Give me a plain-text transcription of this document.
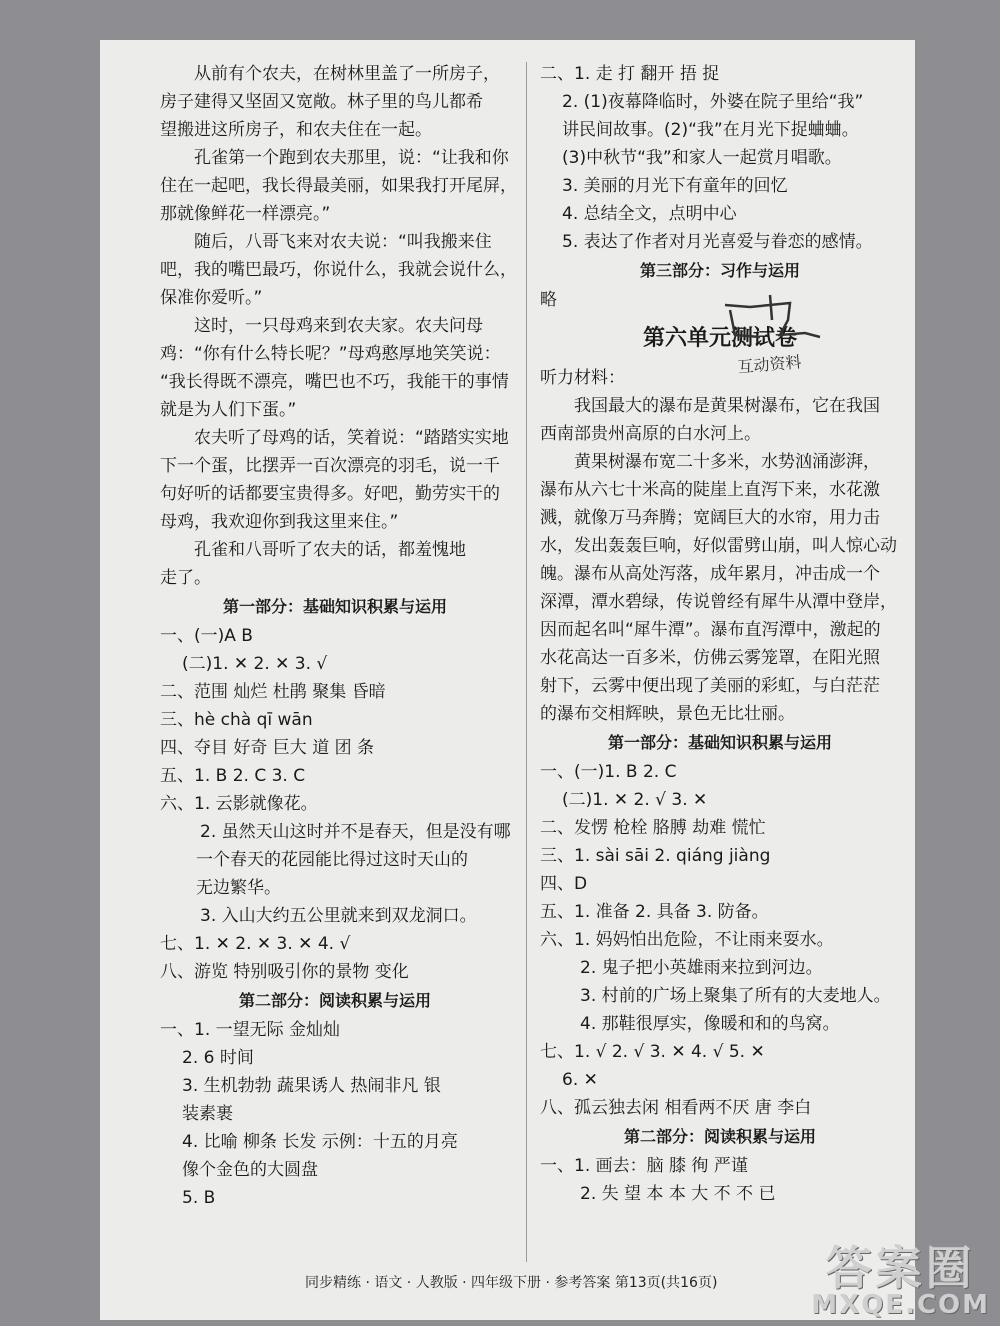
从前有个农夫，在树林里盖了一所房子，
房子建得又坚固又宽敞。林子里的鸟儿都希
望搬进这所房子，和农夫住在一起。
孔雀第一个跑到农夫那里，说：“让我和你
住在一起吧，我长得最美丽，如果我打开尾屏，
那就像鲜花一样漂亮。”
随后，八哥飞来对农夫说：“叫我搬来住
吧，我的嘴巴最巧，你说什么，我就会说什么，
保准你爱听。”
这时，一只母鸡来到农夫家。农夫问母
鸡：“你有什么特长呢？”母鸡憨厚地笑笑说：
“我长得既不漂亮，嘴巴也不巧，我能干的事情
就是为人们下蛋。”
农夫听了母鸡的话，笑着说：“踏踏实实地
下一个蛋，比摆弄一百次漂亮的羽毛，说一千
句好听的话都要宝贵得多。好吧，勤劳实干的
母鸡，我欢迎你到我这里来住。”
孔雀和八哥听了农夫的话，都羞愧地
走了。
第一部分：基础知识积累与运用
一、(一)A B
(二)1. ✕ 2. ✕ 3. √
二、范围 灿烂 杜鹃 聚集 昏暗
三、hè chà qī wān
四、夺目 好奇 巨大 道 团 条
五、1. B 2. C 3. C
六、1. 云影就像花。
2. 虽然天山这时并不是春天，但是没有哪
一个春天的花园能比得过这时天山的
无边繁华。
3. 入山大约五公里就来到双龙洞口。
七、1. ✕ 2. ✕ 3. ✕ 4. √
八、游览 特别吸引你的景物 变化
第二部分：阅读积累与运用
一、1. 一望无际 金灿灿
2. 6 时间
3. 生机勃勃 蔬果诱人 热闹非凡 银
装素裹
4. 比喻 柳条 长发 示例：十五的月亮
像个金色的大圆盘
5. B
二、1. 走 打 翻开 捂 捉
2. (1)夜幕降临时，外婆在院子里给“我”
讲民间故事。(2)“我”在月光下捉蛐蛐。
(3)中秋节“我”和家人一起赏月唱歌。
3. 美丽的月光下有童年的回忆
4. 总结全文，点明中心
5. 表达了作者对月光喜爱与眷恋的感情。
第三部分：习作与运用
略
第六单元测试卷
听力材料：
我国最大的瀑布是黄果树瀑布，它在我国
西南部贵州高原的白水河上。
黄果树瀑布宽二十多米，水势汹涌澎湃，
瀑布从六七十米高的陡崖上直泻下来，水花激
溅，就像万马奔腾；宽阔巨大的水帘，用力击
水，发出轰轰巨响，好似雷劈山崩，叫人惊心动
魄。瀑布从高处泻落，成年累月，冲击成一个
深潭，潭水碧绿，传说曾经有犀牛从潭中登岸，
因而起名叫“犀牛潭”。瀑布直泻潭中，激起的
水花高达一百多米，仿佛云雾笼罩，在阳光照
射下，云雾中便出现了美丽的彩虹，与白茫茫
的瀑布交相辉映，景色无比壮丽。
第一部分：基础知识积累与运用
一、(一)1. B 2. C
(二)1. ✕ 2. √ 3. ✕
二、发愣 枪栓 胳膊 劫难 慌忙
三、1. sài sāi 2. qiáng jiàng
四、D
五、1. 准备 2. 具备 3. 防备。
六、1. 妈妈怕出危险，不让雨来耍水。
2. 鬼子把小英雄雨来拉到河边。
3. 村前的广场上聚集了所有的大麦地人。
4. 那鞋很厚实，像暖和和的鸟窝。
七、1. √ 2. √ 3. ✕ 4. √ 5. ✕
6. ✕
八、孤云独去闲 相看两不厌 唐 李白
第二部分：阅读积累与运用
一、1. 画去：脑 膝 徇 严谨
2. 失 望 本 本 大 不 不 已
同步精练 · 语文 · 人教版 · 四年级下册 · 参考答案 第13页(共16页)
互动资料
答案圈
MXQE.COM
